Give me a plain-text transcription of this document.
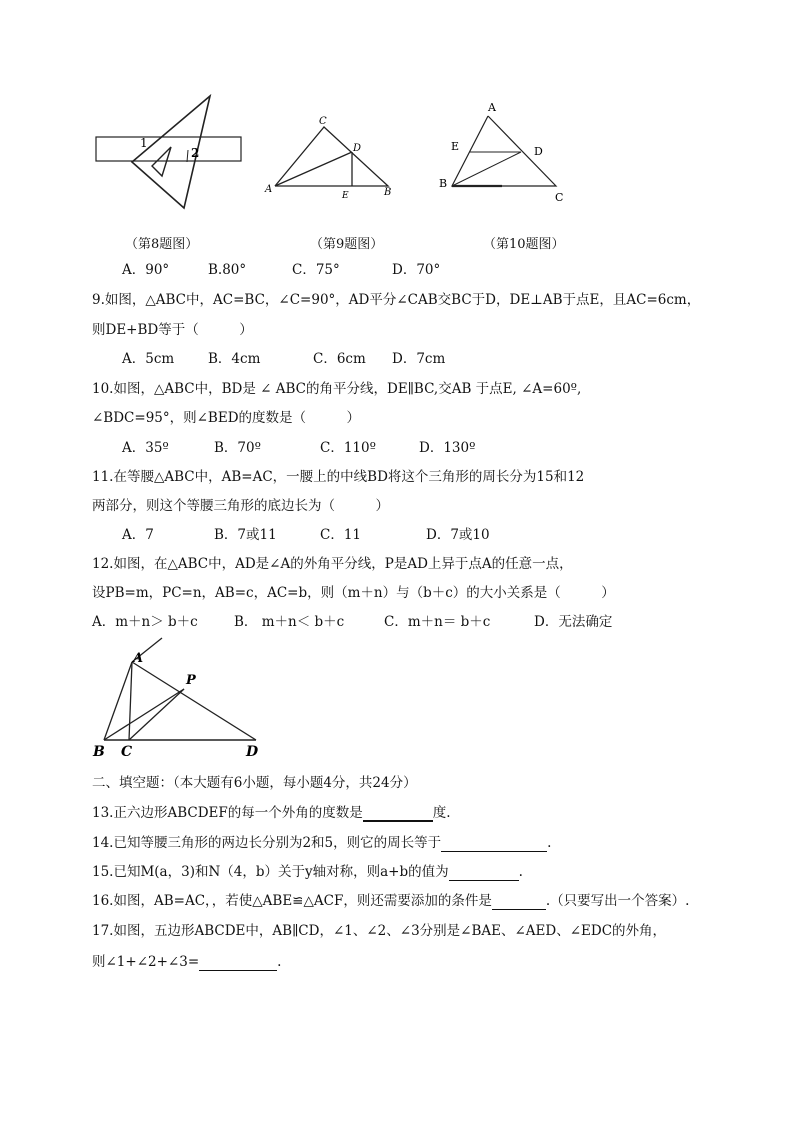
1
2
C
D
A
E	B
A
E	D
B
C
（第8题图）	（第9题图）	（第10题图）
A．90°	B.80°	C．75°	D．70°
9.如图，△ABC中，AC=BC，∠C=90°，AD平分∠CAB交BC于D，DE⊥AB于点E，且AC=6cm，
则DE+BD等于（　　　）
A．5cm	B．4cm	C．6cm D．7cm
10.如图，△ABC中，BD是 ∠ ABC的角平分线，DE∥BC,交AB 于点E, ∠A=60º,
∠BDC=95°，则∠BED的度数是（　　　）
A．35º	B．70º	C．110º	D．130º
11.在等腰△ABC中，AB=AC，一腰上的中线BD将这个三角形的周长分为15和12
两部分，则这个等腰三角形的底边长为（　　　）
A．7	B．7或11	C．11	D．7或10
12.如图，在△ABC中，AD是∠A的外角平分线，P是AD上异于点A的任意一点，
设PB=m，PC=n，AB=c，AC=b，则（m＋n）与（b＋c）的大小关系是（　　　）
A．m＋n＞ b＋c	B． m＋n＜ b＋c	C．m＋n＝ b＋c	D．无法确定
A
P
B C	D
二、填空题：（本大题有6小题，每小题4分，共24分）
13.正六边形ABCDEF的每一个外角的度数是	度.
14.已知等腰三角形的两边长分别为2和5，则它的周长等于	.
15.已知M(a，3)和N（4，b）关于y轴对称，则a+b的值为	.
16.如图，AB=AC，，若使△ABE≌△ACF，则还需要添加的条件是	.（只要写出一个答案）.
17.如图，五边形ABCDE中，AB∥CD，∠1、∠2、∠3分别是∠BAE、∠AED、∠EDC的外角，
则∠1+∠2+∠3=	.
